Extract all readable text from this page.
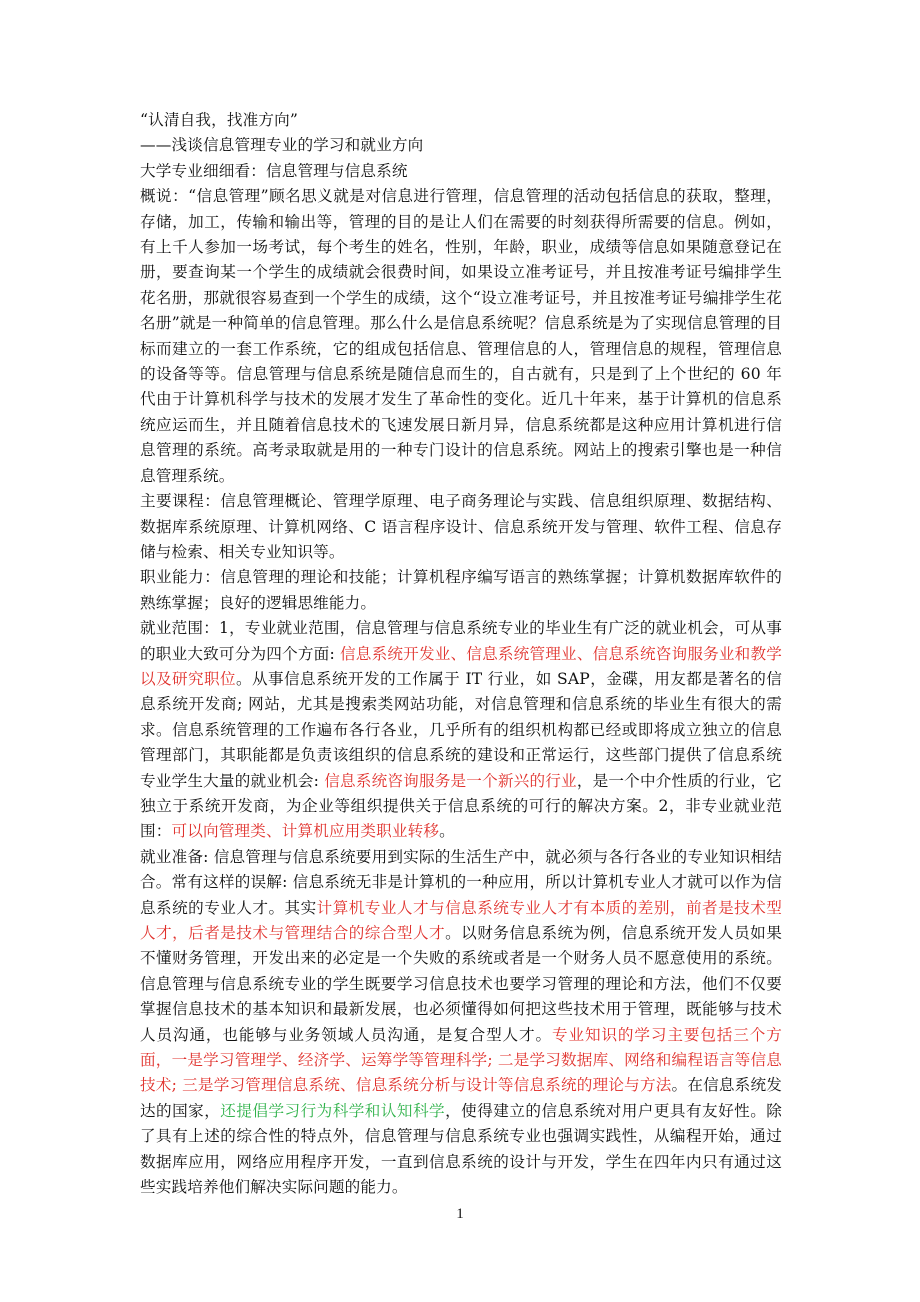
“认清自我，找准方向”

——浅谈信息管理专业的学习和就业方向

大学专业细细看：信息管理与信息系统

概说：“信息管理”顾名思义就是对信息进行管理，信息管理的活动包括信息的获取，整理，存储，加工，传输和输出等，管理的目的是让人们在需要的时刻获得所需要的信息。例如，有上千人参加一场考试，每个考生的姓名，性别，年龄，职业，成绩等信息如果随意登记在册，要查询某一个学生的成绩就会很费时间，如果设立准考证号，并且按准考证号编排学生花名册，那就很容易查到一个学生的成绩，这个“设立准考证号，并且按准考证号编排学生花名册”就是一种简单的信息管理。那么什么是信息系统呢？信息系统是为了实现信息管理的目标而建立的一套工作系统，它的组成包括信息、管理信息的人，管理信息的规程，管理信息的设备等等。信息管理与信息系统是随信息而生的，自古就有，只是到了上个世纪的 60 年代由于计算机科学与技术的发展才发生了革命性的变化。近几十年来，基于计算机的信息系统应运而生，并且随着信息技术的飞速发展日新月异，信息系统都是这种应用计算机进行信息管理的系统。高考录取就是用的一种专门设计的信息系统。网站上的搜索引擎也是一种信息管理系统。

主要课程：信息管理概论、管理学原理、电子商务理论与实践、信息组织原理、数据结构、数据库系统原理、计算机网络、C 语言程序设计、信息系统开发与管理、软件工程、信息存储与检索、相关专业知识等。

职业能力：信息管理的理论和技能；计算机程序编写语言的熟练掌握；计算机数据库软件的熟练掌握；良好的逻辑思维能力。

就业范围：1，专业就业范围，信息管理与信息系统专业的毕业生有广泛的就业机会，可从事的职业大致可分为四个方面: 信息系统开发业、信息系统管理业、信息系统咨询服务业和教学以及研究职位。从事信息系统开发的工作属于 IT 行业，如 SAP，金碟，用友都是著名的信息系统开发商; 网站，尤其是搜索类网站功能，对信息管理和信息系统的毕业生有很大的需求。信息系统管理的工作遍布各行各业，几乎所有的组织机构都已经或即将成立独立的信息管理部门，其职能都是负责该组织的信息系统的建设和正常运行，这些部门提供了信息系统专业学生大量的就业机会: 信息系统咨询服务是一个新兴的行业，是一个中介性质的行业，它独立于系统开发商，为企业等组织提供关于信息系统的可行的解决方案。2，非专业就业范围：可以向管理类、计算机应用类职业转移。

就业准备: 信息管理与信息系统要用到实际的生活生产中，就必须与各行各业的专业知识相结合。常有这样的误解: 信息系统无非是计算机的一种应用，所以计算机专业人才就可以作为信息系统的专业人才。其实计算机专业人才与信息系统专业人才有本质的差别，前者是技术型人才，后者是技术与管理结合的综合型人才。以财务信息系统为例，信息系统开发人员如果不懂财务管理，开发出来的必定是一个失败的系统或者是一个财务人员不愿意使用的系统。信息管理与信息系统专业的学生既要学习信息技术也要学习管理的理论和方法，他们不仅要掌握信息技术的基本知识和最新发展，也必须懂得如何把这些技术用于管理，既能够与技术人员沟通，也能够与业务领域人员沟通，是复合型人才。专业知识的学习主要包括三个方面，一是学习管理学、经济学、运筹学等管理科学; 二是学习数据库、网络和编程语言等信息技术; 三是学习管理信息系统、信息系统分析与设计等信息系统的理论与方法。在信息系统发达的国家，还提倡学习行为科学和认知科学，使得建立的信息系统对用户更具有友好性。除了具有上述的综合性的特点外，信息管理与信息系统专业也强调实践性，从编程开始，通过数据库应用，网络应用程序开发，一直到信息系统的设计与开发，学生在四年内只有通过这些实践培养他们解决实际问题的能力。

1
